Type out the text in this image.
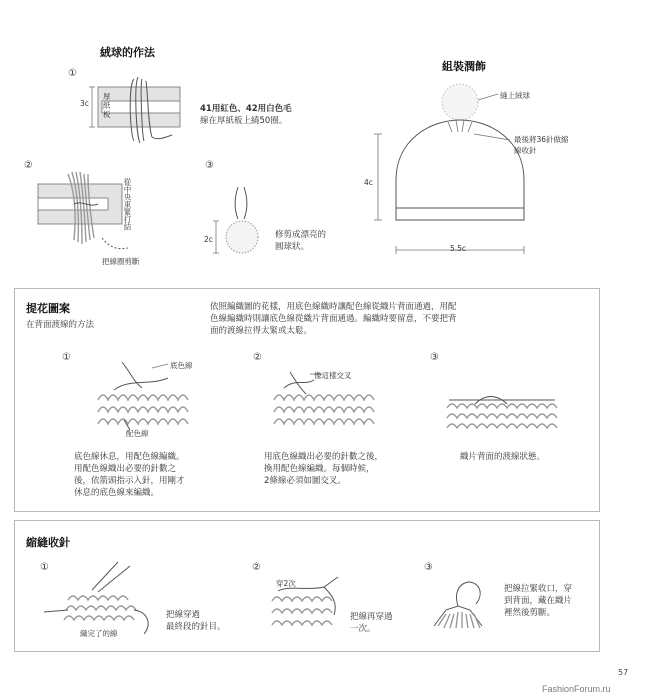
絨球的作法
①
3c
厚紙板
41用紅色、42用白色毛
線在厚紙板上繞50圈。
②
從中央束緊打結
把線圈剪斷
③
2c	修剪成漂亮的
圓球狀。
組裝潤飾
縫上絨球
最後將36針做縮
線收針
4c
5.5c
提花圖案
在背面渡線的方法
依照編織圖的花樣，用底色線織時讓配色線從織片背面通過，用配
色線編織時則讓底色線從織片背面通過。編織時要留意，不要把背
面的渡線拉得太緊或太鬆。
①	②	③
底色線
配色線
像這樣交叉
底色線休息，用配色線編織。
用配色線織出必要的針數之
後，依箭頭指示入針，用剛才
休息的底色線來編織。
用底色線織出必要的針數之後，
換用配色線編織。每個時候，
2條線必須如圖交叉。
織片背面的渡線狀態。
縮縫收針
①	②	③
織完了的線
把線穿過
最終段的針目。
穿2次
把線再穿過
一次。
把線拉緊收口，穿
到背面，藏在織片
裡然後剪斷。
57
FashionForum.ru
